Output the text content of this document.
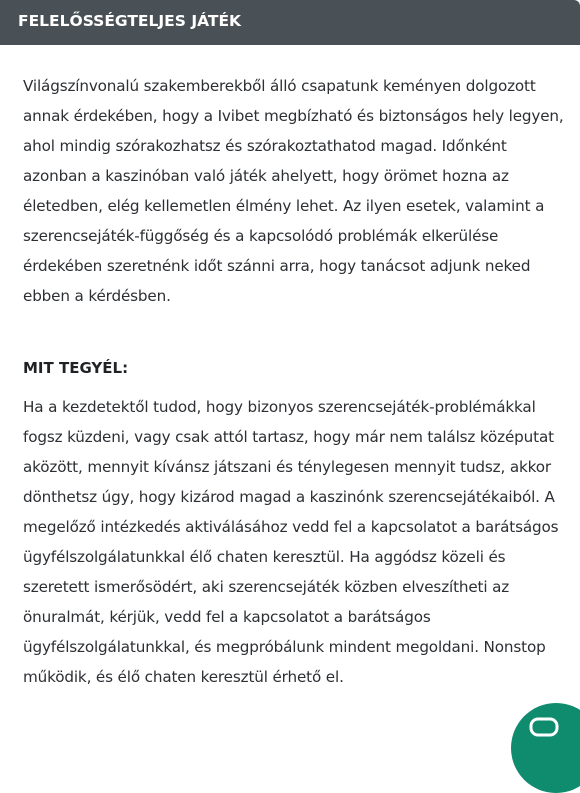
FELELŐSSÉGTELJES JÁTÉK

Világszínvonalú szakemberekből álló csapatunk keményen dolgozott annak érdekében, hogy a Ivibet megbízható és biztonságos hely legyen, ahol mindig szórakozhatsz és szórakoztathatod magad. Időnként azonban a kaszinóban való játék ahelyett, hogy örömet hozna az életedben, elég kellemetlen élmény lehet. Az ilyen esetek, valamint a szerencsejáték-függőség és a kapcsolódó problémák elkerülése érdekében szeretnénk időt szánni arra, hogy tanácsot adjunk neked ebben a kérdésben.

MIT TEGYÉL:

Ha a kezdetektől tudod, hogy bizonyos szerencsejáték-problémákkal fogsz küzdeni, vagy csak attól tartasz, hogy már nem találsz középutat aközött, mennyit kívánsz játszani és ténylegesen mennyit tudsz, akkor dönthetsz úgy, hogy kizárod magad a kaszinónk szerencsejátékaiból. A megelőző intézkedés aktiválásához vedd fel a kapcsolatot a barátságos ügyfélszolgálatunkkal élő chaten keresztül. Ha aggódsz közeli és szeretett ismerősödért, aki szerencsejáték közben elveszítheti az önuralmát, kérjük, vedd fel a kapcsolatot a barátságos ügyfélszolgálatunkkal, és megpróbálunk mindent megoldani. Nonstop működik, és élő chaten keresztül érhető el.
